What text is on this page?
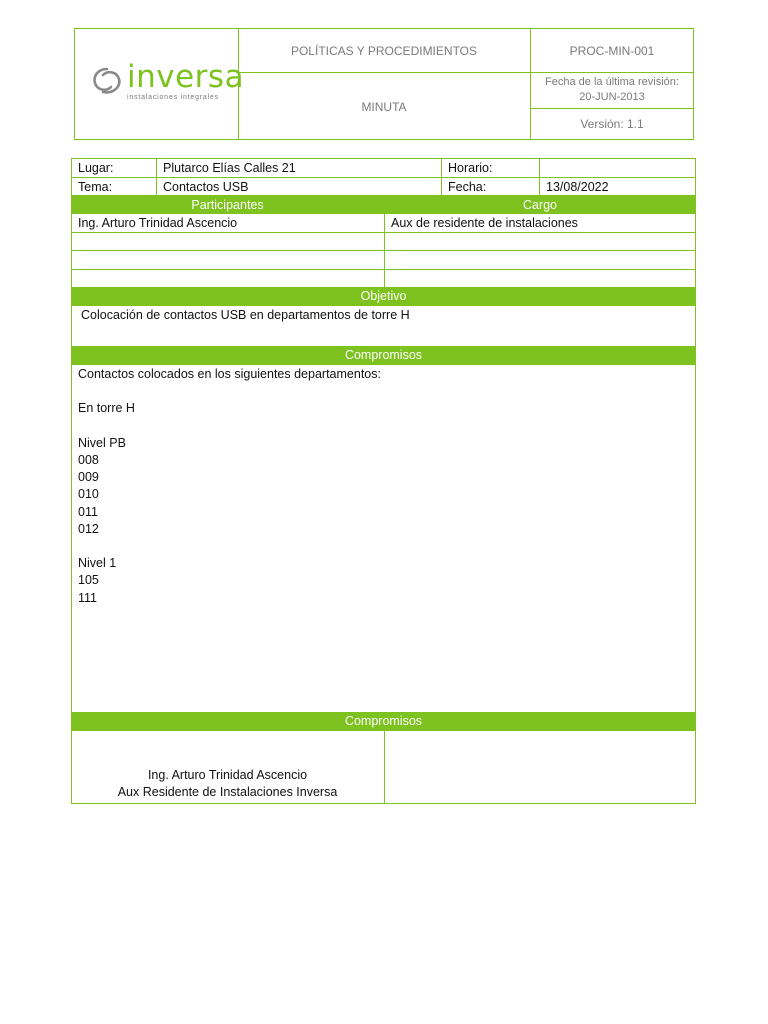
inversa
instalaciones integrales
POLÍTICAS Y PROCEDIMIENTOS
MINUTA
PROC-MIN-001
Fecha de la última revisión:
20-JUN-2013
Versión: 1.1
Lugar:	Plutarco Elías Calles 21	Horario:
Tema:	Contactos USB	Fecha:	13/08/2022
Participantes	Cargo
Ing. Arturo Trinidad Ascencio	Aux de residente de instalaciones
Objetivo
Colocación de contactos USB en departamentos de torre H
Compromisos
Contactos colocados en los siguientes departamentos:
En torre H
Nivel PB
008
009
010
011
012
Nivel 1
105
111
Compromisos
Ing. Arturo Trinidad Ascencio
Aux Residente de Instalaciones Inversa
